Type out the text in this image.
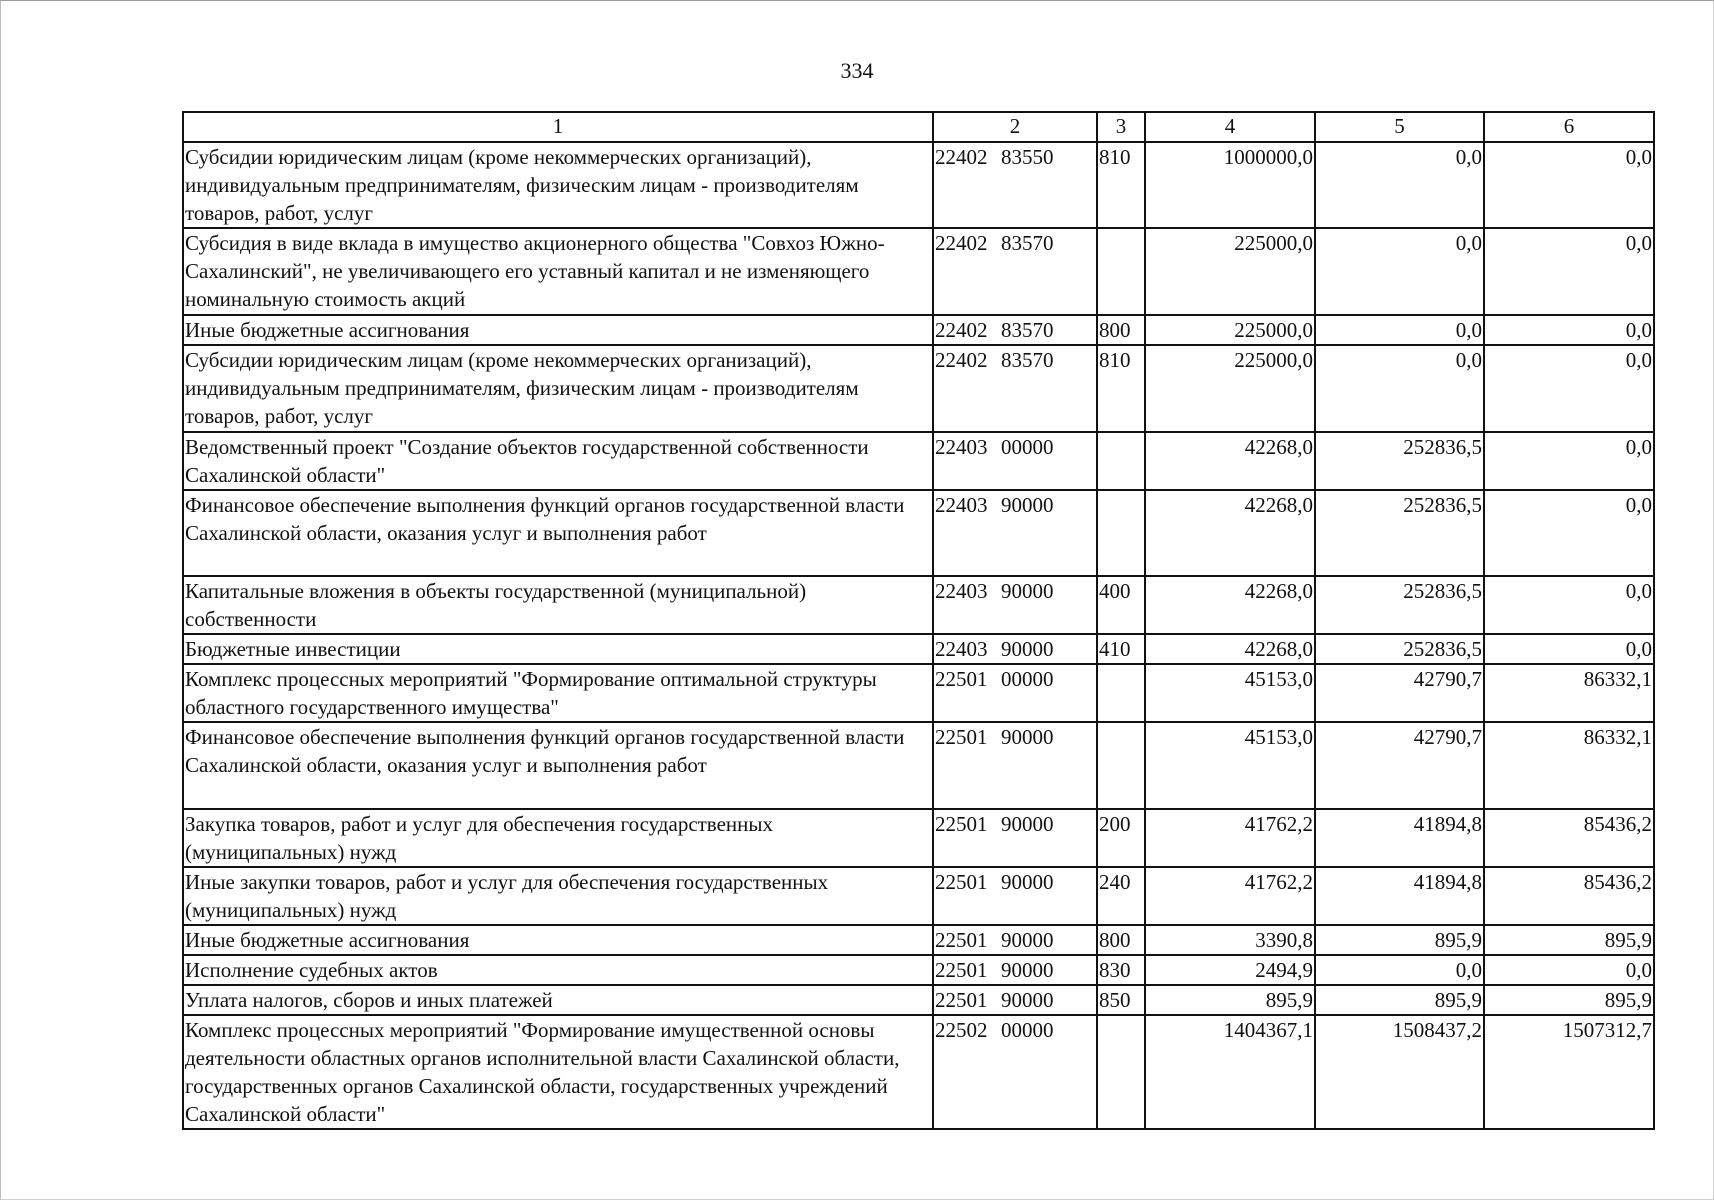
334
1	2	3	4	5	6
Субсидии юридическим лицам (кроме некоммерческих организаций), индивидуальным предпринимателям, физическим лицам - производителям товаров, работ, услуг	22402 83550	810	1000000,0	0,0	0,0
Субсидия в виде вклада в имущество акционерного общества "Совхоз Южно-Сахалинский", не увеличивающего его уставный капитал и не изменяющего номинальную стоимость акций	22402 83570		225000,0	0,0	0,0
Иные бюджетные ассигнования	22402 83570	800	225000,0	0,0	0,0
Субсидии юридическим лицам (кроме некоммерческих организаций), индивидуальным предпринимателям, физическим лицам - производителям товаров, работ, услуг	22402 83570	810	225000,0	0,0	0,0
Ведомственный проект "Создание объектов государственной собственности Сахалинской области"	22403 00000		42268,0	252836,5	0,0
Финансовое обеспечение выполнения функций органов государственной власти Сахалинской области, оказания услуг и выполнения работ	22403 90000		42268,0	252836,5	0,0
Капитальные вложения в объекты государственной (муниципальной) собственности	22403 90000	400	42268,0	252836,5	0,0
Бюджетные инвестиции	22403 90000	410	42268,0	252836,5	0,0
Комплекс процессных мероприятий "Формирование оптимальной структуры областного государственного имущества"	22501 00000		45153,0	42790,7	86332,1
Финансовое обеспечение выполнения функций органов государственной власти Сахалинской области, оказания услуг и выполнения работ	22501 90000		45153,0	42790,7	86332,1
Закупка товаров, работ и услуг для обеспечения государственных (муниципальных) нужд	22501 90000	200	41762,2	41894,8	85436,2
Иные закупки товаров, работ и услуг для обеспечения государственных (муниципальных) нужд	22501 90000	240	41762,2	41894,8	85436,2
Иные бюджетные ассигнования	22501 90000	800	3390,8	895,9	895,9
Исполнение судебных актов	22501 90000	830	2494,9	0,0	0,0
Уплата налогов, сборов и иных платежей	22501 90000	850	895,9	895,9	895,9
Комплекс процессных мероприятий "Формирование имущественной основы деятельности областных органов исполнительной власти Сахалинской области, государственных органов Сахалинской области, государственных учреждений Сахалинской области"	22502 00000		1404367,1	1508437,2	1507312,7
